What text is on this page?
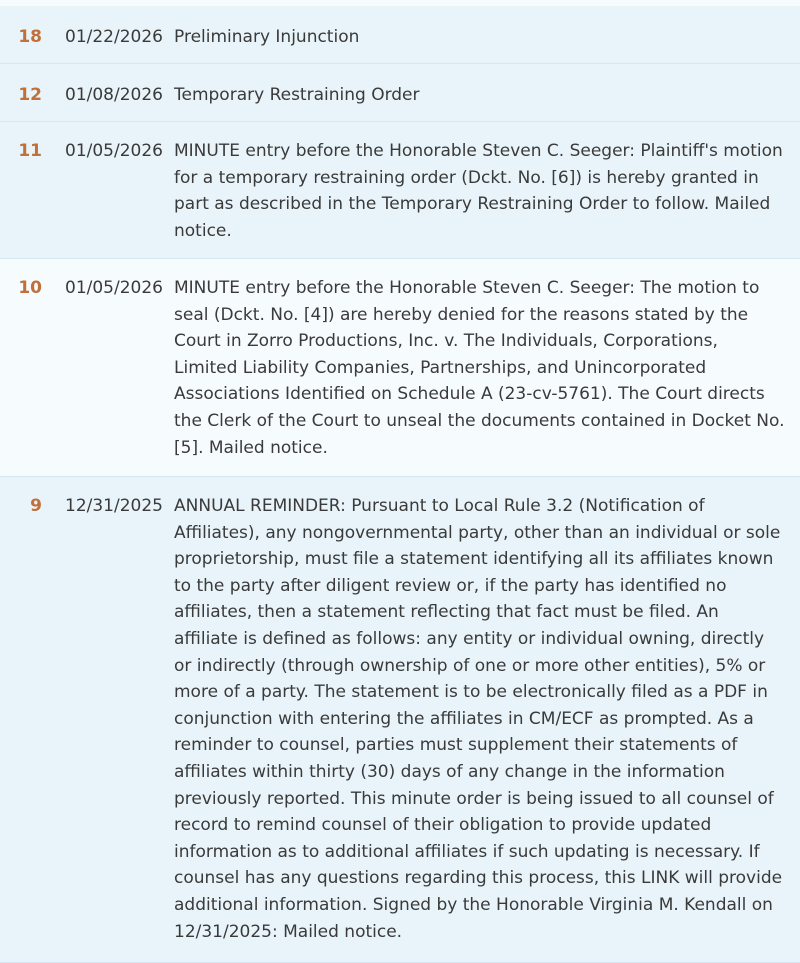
18 01/22/2026 Preliminary Injunction
12 01/08/2026 Temporary Restraining Order
11 01/05/2026 MINUTE entry before the Honorable Steven C. Seeger: Plaintiff's motion for a temporary restraining order (Dckt. No. [6]) is hereby granted in part as described in the Temporary Restraining Order to follow. Mailed notice.
10 01/05/2026 MINUTE entry before the Honorable Steven C. Seeger: The motion to seal (Dckt. No. [4]) are hereby denied for the reasons stated by the Court in Zorro Productions, Inc. v. The Individuals, Corporations, Limited Liability Companies, Partnerships, and Unincorporated Associations Identified on Schedule A (23-cv-5761). The Court directs the Clerk of the Court to unseal the documents contained in Docket No. [5]. Mailed notice.
9 12/31/2025 ANNUAL REMINDER: Pursuant to Local Rule 3.2 (Notification of Affiliates), any nongovernmental party, other than an individual or sole proprietorship, must file a statement identifying all its affiliates known to the party after diligent review or, if the party has identified no affiliates, then a statement reflecting that fact must be filed. An affiliate is defined as follows: any entity or individual owning, directly or indirectly (through ownership of one or more other entities), 5% or more of a party. The statement is to be electronically filed as a PDF in conjunction with entering the affiliates in CM/ECF as prompted. As a reminder to counsel, parties must supplement their statements of affiliates within thirty (30) days of any change in the information previously reported. This minute order is being issued to all counsel of record to remind counsel of their obligation to provide updated information as to additional affiliates if such updating is necessary. If counsel has any questions regarding this process, this LINK will provide additional information. Signed by the Honorable Virginia M. Kendall on 12/31/2025: Mailed notice.
